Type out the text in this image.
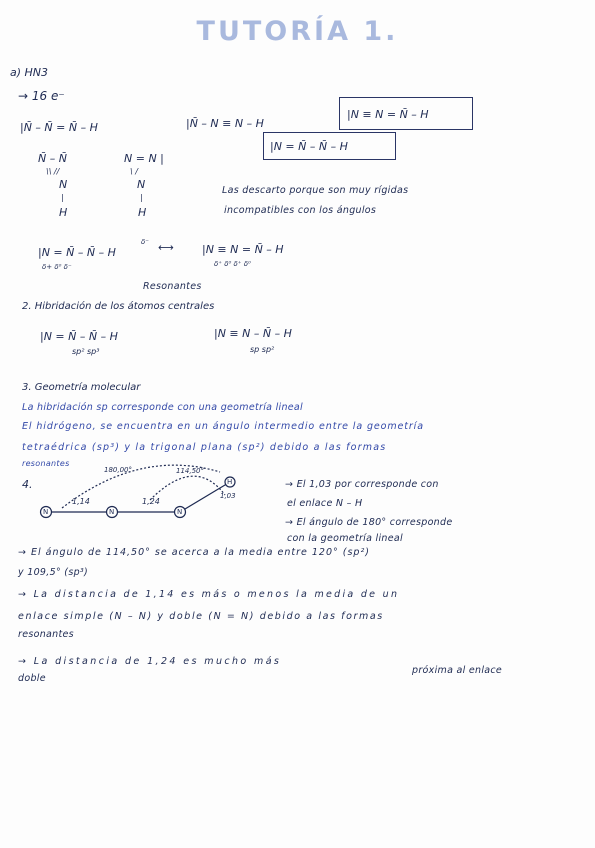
TUTORÍA 1.
a) HN3
→ 16 e⁻
|N̄ – N̄ = N̄ – H	|N̄ – N ≡ N – H
|N ≡ N = N̄ – H
|N = N̄ – N̄ – H
N̄ – N̄
\\ //
N
|
H
N = N |
\ /
N
|
H
Las descarto porque son muy rígidas
incompatibles con los ángulos
|N = N̄ – N̄ – H
δ⁻
δ+ δ⁰ δ⁻
⟷	|N ≡ N = N̄ – H
δ⁺ δ⁰ δ⁺ δ⁰
Resonantes
2. Hibridación de los átomos centrales
|N = N̄ – N̄ – H
sp² sp³
|N ≡ N – N̄ – H
sp sp²
3. Geometría molecular
La hibridación sp corresponde con una geometría lineal
El hidrógeno, se encuentra en un ángulo intermedio entre la geometría
tetraédrica (sp³) y la trigonal plana (sp²) debido a las formas
resonantes
4.
N	N	N
H
180,00°	114,50°
1,14	1,24
1,03
→ El 1,03 por corresponde con
el enlace N – H
→ El ángulo de 180° corresponde
con la geometría lineal
→ El ángulo de 114,50° se acerca a la media entre 120° (sp²)
y 109,5° (sp³)
→ La distancia de 1,14 es más o menos la media de un
enlace simple (N – N) y doble (N = N) debido a las formas
resonantes
→ La distancia de 1,24 es mucho más
próxima al enlace
doble
